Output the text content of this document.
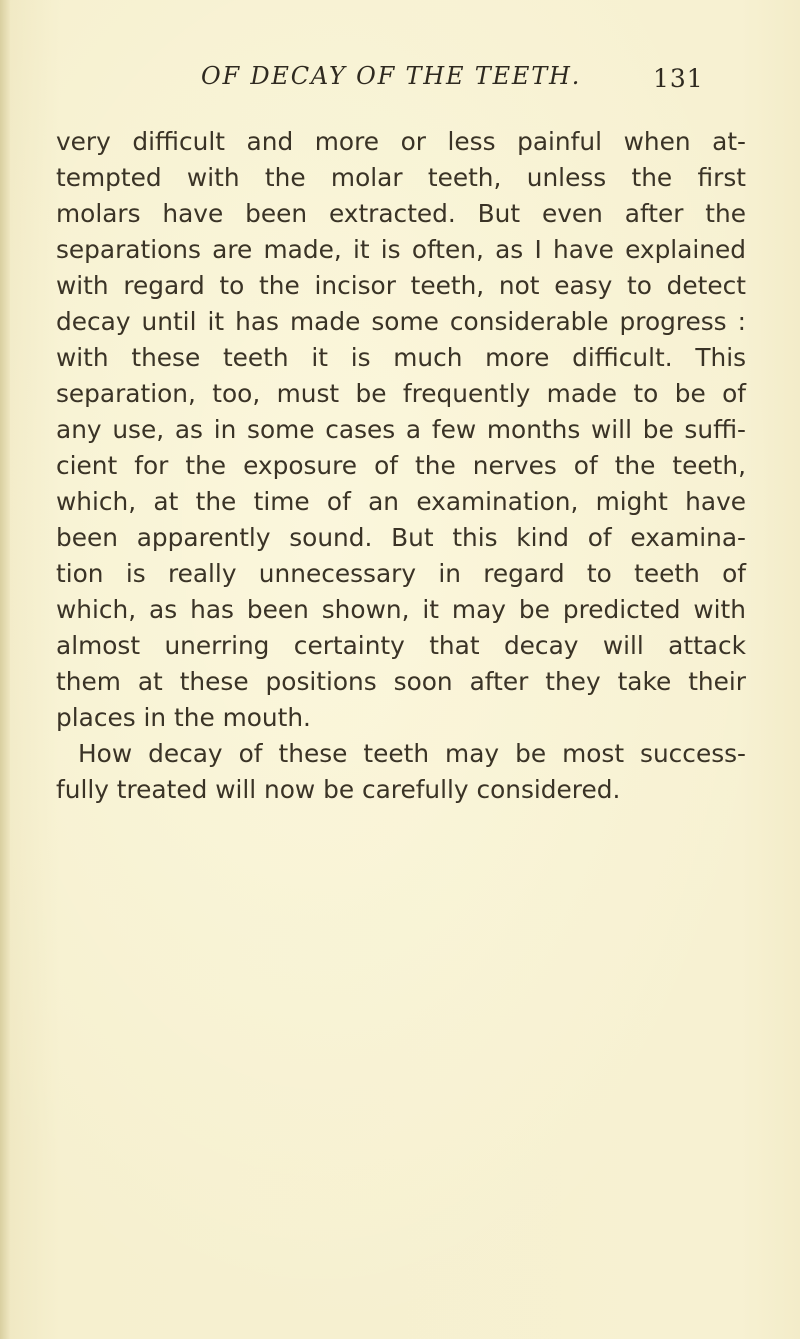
OF DECAY OF THE TEETH.	131
very difficult and more or less painful when at-
tempted with the molar teeth, unless the first
molars have been extracted. But even after the
separations are made, it is often, as I have explained
with regard to the incisor teeth, not easy to detect
decay until it has made some considerable progress :
with these teeth it is much more difficult. This
separation, too, must be frequently made to be of
any use, as in some cases a few months will be suffi-
cient for the exposure of the nerves of the teeth,
which, at the time of an examination, might have
been apparently sound. But this kind of examina-
tion is really unnecessary in regard to teeth of
which, as has been shown, it may be predicted with
almost unerring certainty that decay will attack
them at these positions soon after they take their
places in the mouth.
How decay of these teeth may be most success-
fully treated will now be carefully considered.
